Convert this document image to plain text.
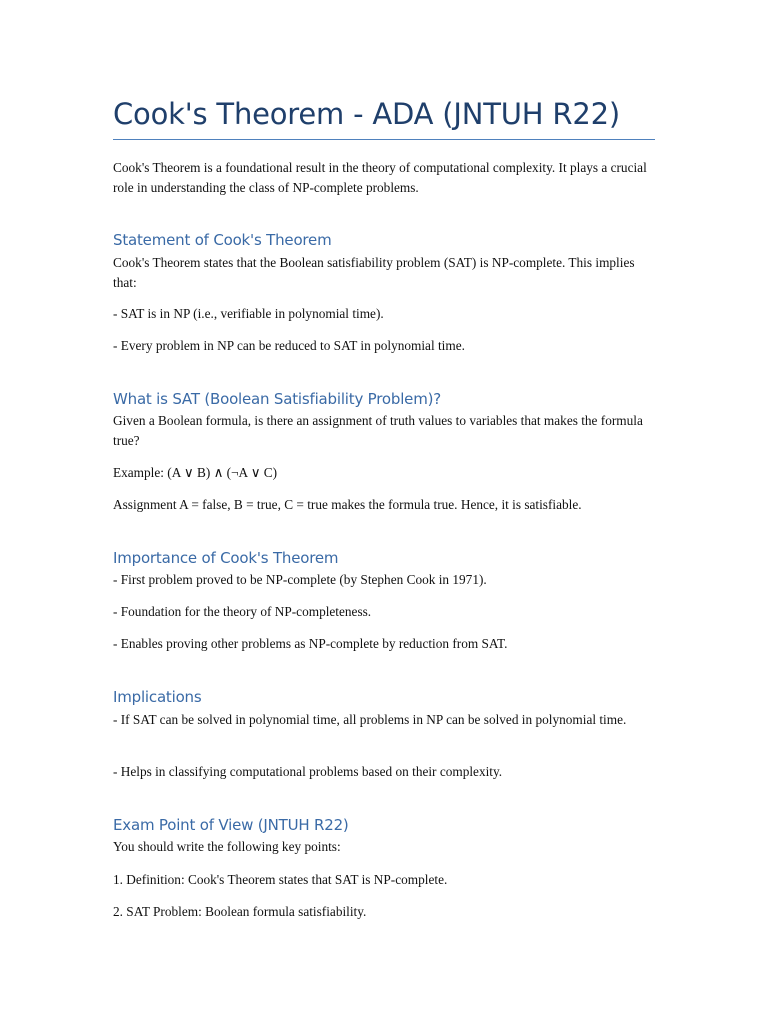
Cook's Theorem - ADA (JNTUH R22)

Cook's Theorem is a foundational result in the theory of computational complexity. It plays a crucial role in understanding the class of NP-complete problems.

Statement of Cook's Theorem

Cook's Theorem states that the Boolean satisfiability problem (SAT) is NP-complete. This implies that:

- SAT is in NP (i.e., verifiable in polynomial time).

- Every problem in NP can be reduced to SAT in polynomial time.

What is SAT (Boolean Satisfiability Problem)?

Given a Boolean formula, is there an assignment of truth values to variables that makes the formula true?

Example: (A ∨ B) ∧ (¬A ∨ C)

Assignment A = false, B = true, C = true makes the formula true. Hence, it is satisfiable.

Importance of Cook's Theorem

- First problem proved to be NP-complete (by Stephen Cook in 1971).

- Foundation for the theory of NP-completeness.

- Enables proving other problems as NP-complete by reduction from SAT.

Implications

- If SAT can be solved in polynomial time, all problems in NP can be solved in polynomial time.

- Helps in classifying computational problems based on their complexity.

Exam Point of View (JNTUH R22)

You should write the following key points:

1. Definition: Cook's Theorem states that SAT is NP-complete.

2. SAT Problem: Boolean formula satisfiability.
